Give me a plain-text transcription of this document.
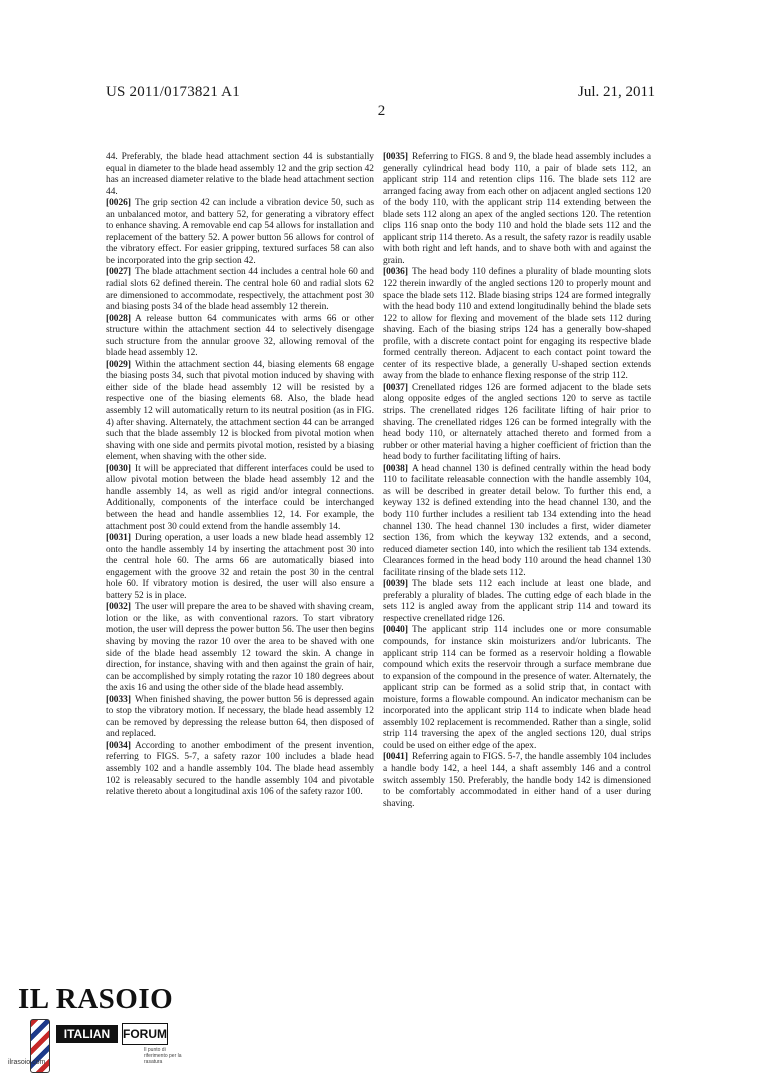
US 2011/0173821 A1	Jul. 21, 2011
2

44. Preferably, the blade head attachment section 44 is substantially equal in diameter to the blade head assembly 12 and the grip section 42 has an increased diameter relative to the blade head attachment section 44.

[0026] The grip section 42 can include a vibration device 50, such as an unbalanced motor, and battery 52, for generating a vibratory effect to enhance shaving. A removable end cap 54 allows for installation and replacement of the battery 52. A power button 56 allows for control of the vibratory effect. For easier gripping, textured surfaces 58 can also be incorporated into the grip section 42.

[0027] The blade attachment section 44 includes a central hole 60 and radial slots 62 defined therein. The central hole 60 and radial slots 62 are dimensioned to accommodate, respectively, the attachment post 30 and biasing posts 34 of the blade head assembly 12 therein.

[0028] A release button 64 communicates with arms 66 or other structure within the attachment section 44 to selectively disengage such structure from the annular groove 32, allowing removal of the blade head assembly 12.

[0029] Within the attachment section 44, biasing elements 68 engage the biasing posts 34, such that pivotal motion induced by shaving with either side of the blade head assembly 12 will be resisted by a respective one of the biasing elements 68. Also, the blade head assembly 12 will automatically return to its neutral position (as in FIG. 4) after shaving. Alternately, the attachment section 44 can be arranged such that the blade assembly 12 is blocked from pivotal motion when shaving with one side and permits pivotal motion, resisted by a biasing element, when shaving with the other side.

[0030] It will be appreciated that different interfaces could be used to allow pivotal motion between the blade head assembly 12 and the handle assembly 14, as well as rigid and/or integral connections. Additionally, components of the interface could be interchanged between the head and handle assemblies 12, 14. For example, the attachment post 30 could extend from the handle assembly 14.

[0031] During operation, a user loads a new blade head assembly 12 onto the handle assembly 14 by inserting the attachment post 30 into the central hole 60. The arms 66 are automatically biased into engagement with the groove 32 and retain the post 30 in the central hole 60. If vibratory motion is desired, the user will also ensure a battery 52 is in place.

[0032] The user will prepare the area to be shaved with shaving cream, lotion or the like, as with conventional razors. To start vibratory motion, the user will depress the power button 56. The user then begins shaving by moving the razor 10 over the area to be shaved with one side of the blade head assembly 12 toward the skin. A change in direction, for instance, shaving with and then against the grain of hair, can be accomplished by simply rotating the razor 10 180 degrees about the axis 16 and using the other side of the blade head assembly.

[0033] When finished shaving, the power button 56 is depressed again to stop the vibratory motion. If necessary, the blade head assembly 12 can be removed by depressing the release button 64, then disposed of and replaced.

[0034] According to another embodiment of the present invention, referring to FIGS. 5-7, a safety razor 100 includes a blade head assembly 102 and a handle assembly 104. The blade head assembly 102 is releasably secured to the handle assembly 104 and pivotable relative thereto about a longitudinal axis 106 of the safety razor 100.

[0035] Referring to FIGS. 8 and 9, the blade head assembly includes a generally cylindrical head body 110, a pair of blade sets 112, an applicant strip 114 and retention clips 116. The blade sets 112 are arranged facing away from each other on adjacent angled sections 120 of the body 110, with the applicant strip 114 extending between the blade sets 112 along an apex of the angled sections 120. The retention clips 116 snap onto the body 110 and hold the blade sets 112 and the applicant strip 114 thereto. As a result, the safety razor is readily usable with both right and left hands, and to shave both with and against the grain.

[0036] The head body 110 defines a plurality of blade mounting slots 122 therein inwardly of the angled sections 120 to properly mount and space the blade sets 112. Blade biasing strips 124 are formed integrally with the head body 110 and extend longitudinally behind the blade sets 122 to allow for flexing and movement of the blade sets 112 during shaving. Each of the biasing strips 124 has a generally bow-shaped profile, with a discrete contact point for engaging its respective blade formed centrally thereon. Adjacent to each contact point toward the center of its respective blade, a generally U-shaped section extends away from the blade to enhance flexing response of the strip 112.

[0037] Crenellated ridges 126 are formed adjacent to the blade sets along opposite edges of the angled sections 120 to serve as tactile strips. The crenellated ridges 126 facilitate lifting of hair prior to shaving. The crenellated ridges 126 can be formed integrally with the head body 110, or alternately attached thereto and formed from a rubber or other material having a higher coefficient of friction than the head body to further facilitating lifting of hairs.

[0038] A head channel 130 is defined centrally within the head body 110 to facilitate releasable connection with the handle assembly 104, as will be described in greater detail below. To further this end, a keyway 132 is defined extending into the head channel 130, and the body 110 further includes a resilient tab 134 extending into the head channel 130. The head channel 130 includes a first, wider diameter section 136, from which the keyway 132 extends, and a second, reduced diameter section 140, into which the resilient tab 134 extends. Clearances formed in the head body 110 around the head channel 130 facilitate rinsing of the blade sets 112.

[0039] The blade sets 112 each include at least one blade, and preferably a plurality of blades. The cutting edge of each blade in the sets 112 is angled away from the applicant strip 114 and toward its respective crenellated ridge 126.

[0040] The applicant strip 114 includes one or more consumable compounds, for instance skin moisturizers and/or lubricants. The applicant strip 114 can be formed as a reservoir holding a flowable compound which exits the reservoir through a surface membrane due to expansion of the compound in the presence of water. Alternately, the applicant strip can be formed as a solid strip that, in contact with moisture, forms a flowable compound. An indicator mechanism can be incorporated into the applicant strip 114 to indicate when blade head assembly 102 replacement is recommended. Rather than a single, solid strip 114 traversing the apex of the angled sections 120, dual strips could be used on either edge of the apex.

[0041] Referring again to FIGS. 5-7, the handle assembly 104 includes a handle body 142, a heel 144, a shaft assembly 146 and a control switch assembly 150. Preferably, the handle body 142 is dimensioned to be comfortably accommodated in either hand of a user during shaving.

IL RASOIO
ITALIAN	FORUM
ilrasoio.com
Il punto di riferimento per la rasatura
